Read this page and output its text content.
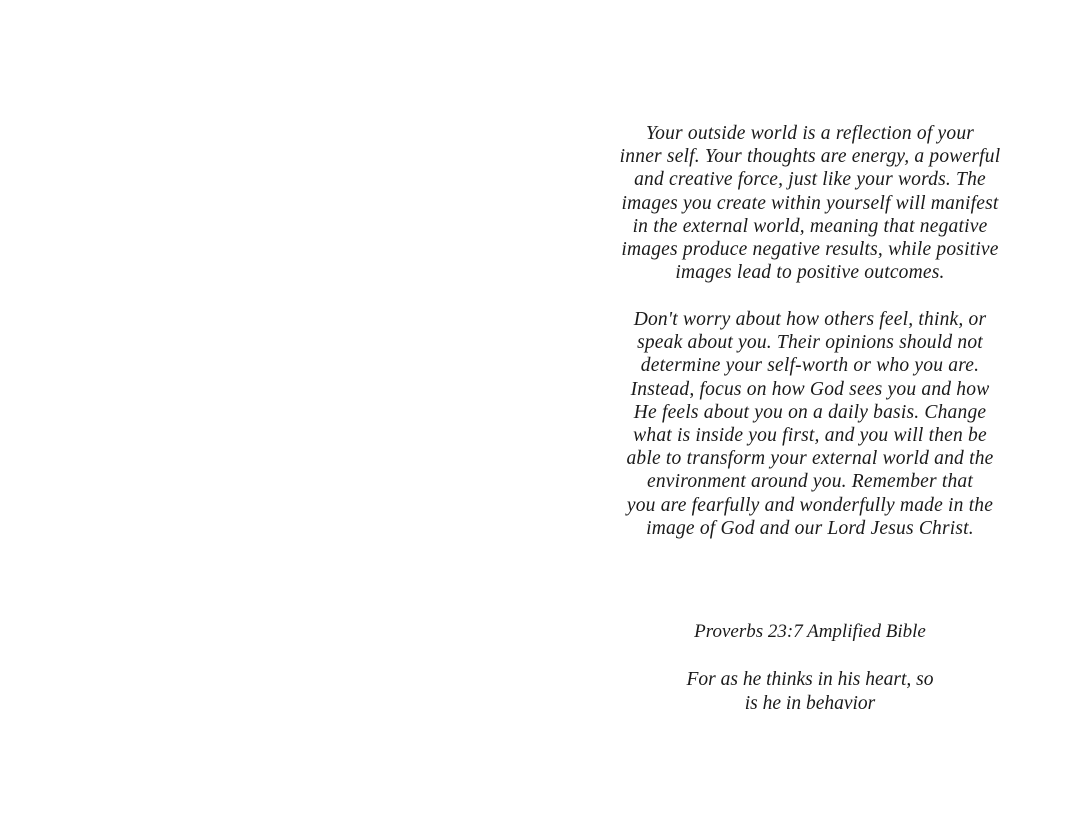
Your outside world is a reflection of your
inner self. Your thoughts are energy, a powerful
and creative force, just like your words. The
images you create within yourself will manifest
in the external world, meaning that negative
images produce negative results, while positive
images lead to positive outcomes.
Don't worry about how others feel, think, or
speak about you. Their opinions should not
determine your self-worth or who you are.
Instead, focus on how God sees you and how
He feels about you on a daily basis. Change
what is inside you first, and you will then be
able to transform your external world and the
environment around you. Remember that
you are fearfully and wonderfully made in the
image of God and our Lord Jesus Christ.
Proverbs 23:7 Amplified Bible
For as he thinks in his heart, so
is he in behavior
